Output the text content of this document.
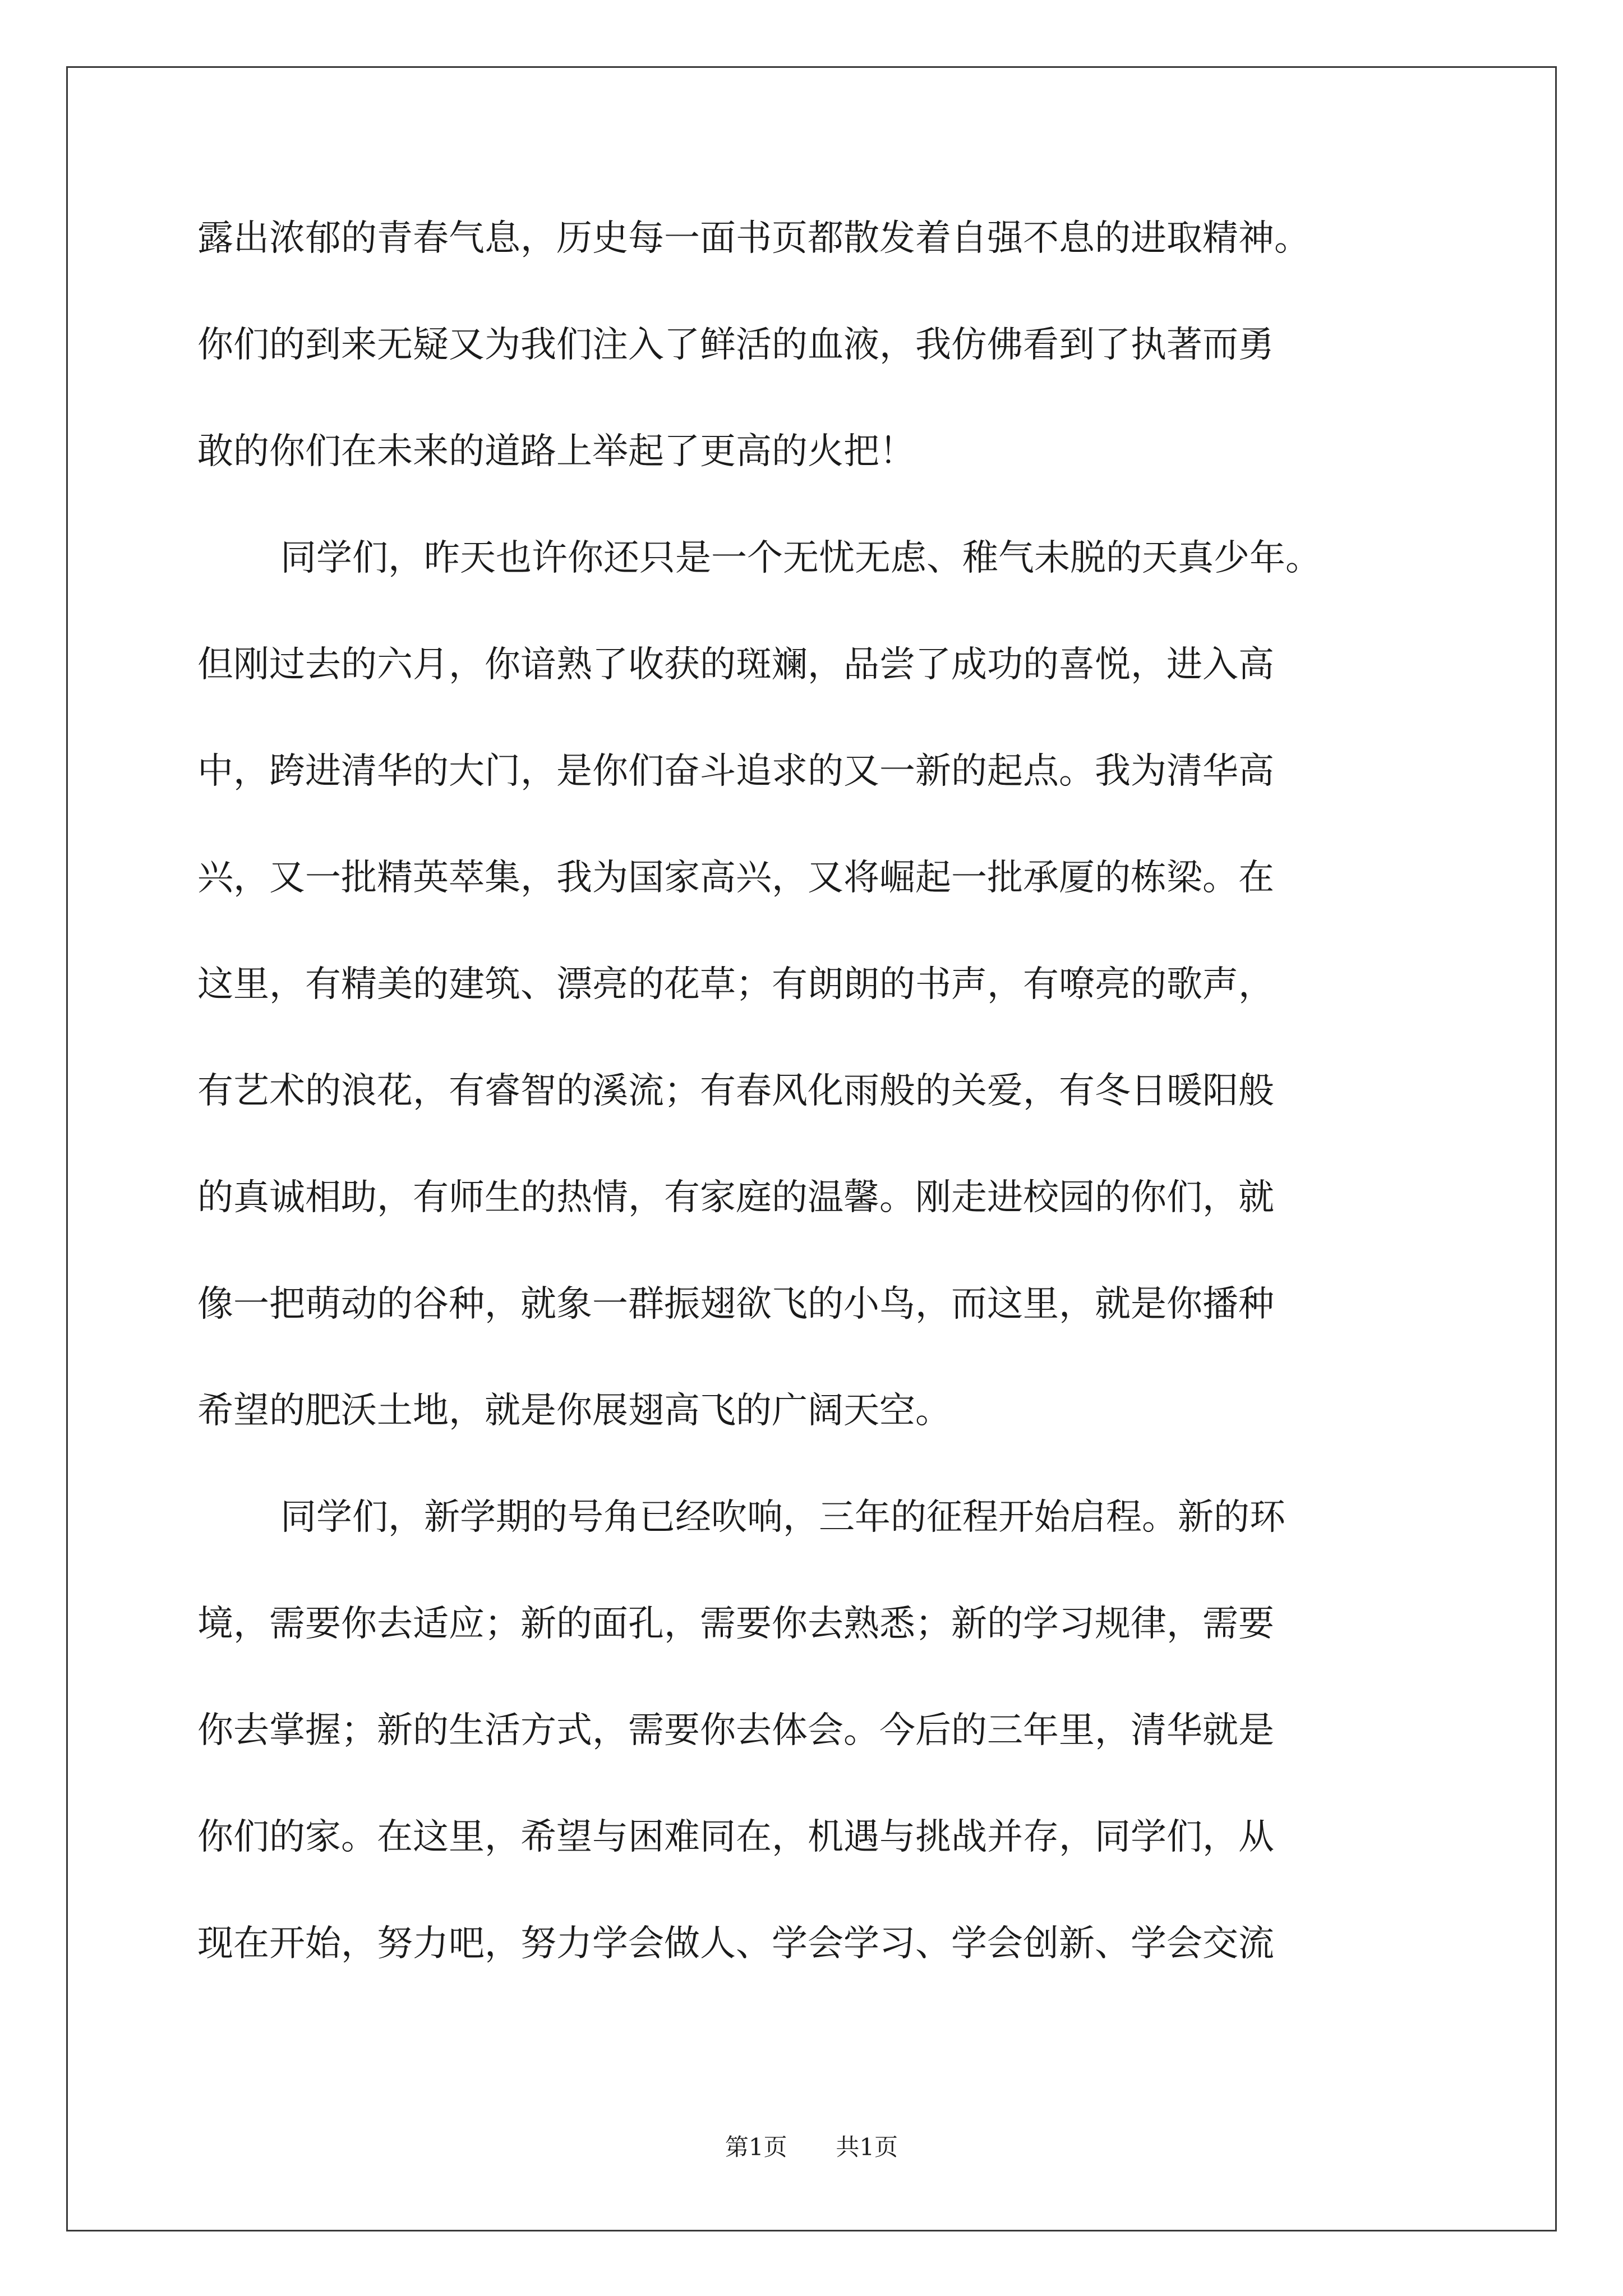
露出浓郁的青春气息，历史每一面书页都散发着自强不息的进取精神。
你们的到来无疑又为我们注入了鲜活的血液，我仿佛看到了执著而勇
敢的你们在未来的道路上举起了更高的火把！
同学们，昨天也许你还只是一个无忧无虑、稚气未脱的天真少年。
但刚过去的六月，你谙熟了收获的斑斓，品尝了成功的喜悦，进入高
中，跨进清华的大门，是你们奋斗追求的又一新的起点。我为清华高
兴，又一批精英萃集，我为国家高兴，又将崛起一批承厦的栋梁。在
这里，有精美的建筑、漂亮的花草；有朗朗的书声，有嘹亮的歌声，
有艺术的浪花，有睿智的溪流；有春风化雨般的关爱，有冬日暖阳般
的真诚相助，有师生的热情，有家庭的温馨。刚走进校园的你们，就
像一把萌动的谷种，就象一群振翅欲飞的小鸟，而这里，就是你播种
希望的肥沃土地，就是你展翅高飞的广阔天空。
同学们，新学期的号角已经吹响，三年的征程开始启程。新的环
境，需要你去适应；新的面孔，需要你去熟悉；新的学习规律，需要
你去掌握；新的生活方式，需要你去体会。今后的三年里，清华就是
你们的家。在这里，希望与困难同在，机遇与挑战并存，同学们，从
现在开始，努力吧，努力学会做人、学会学习、学会创新、学会交流
第1页 共1页
